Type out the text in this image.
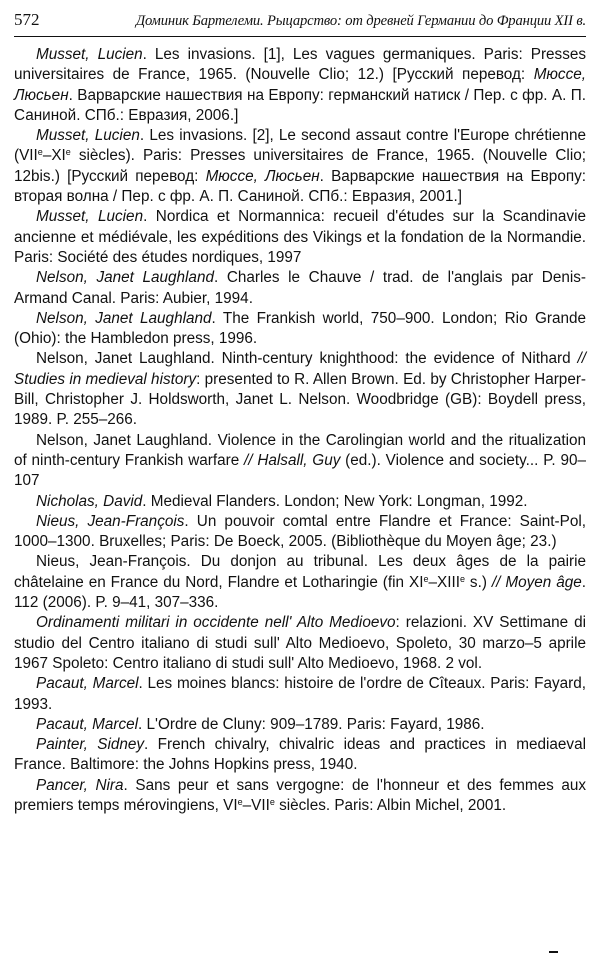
572	Доминик Бартелеми. Рыцарство: от древней Германии до Франции XII в.

Musset, Lucien. Les invasions. [1], Les vagues germaniques. Paris: Presses universitaires de France, 1965. (Nouvelle Clio; 12.) [Русский перевод: Мюссе, Люсьен. Варварские нашествия на Европу: германский натиск / Пер. с фр. А. П. Саниной. СПб.: Евразия, 2006.]

Musset, Lucien. Les invasions. [2], Le second assaut contre l'Europe chrétienne (VIIe–XIe siècles). Paris: Presses universitaires de France, 1965. (Nouvelle Clio; 12bis.) [Русский перевод: Мюссе, Люсьен. Варварские нашествия на Европу: вторая волна / Пер. с фр. А. П. Саниной. СПб.: Евразия, 2001.]

Musset, Lucien. Nordica et Normannica: recueil d'études sur la Scandinavie ancienne et médiévale, les expéditions des Vikings et la fondation de la Normandie. Paris: Société des études nordiques, 1997

Nelson, Janet Laughland. Charles le Chauve / trad. de l'anglais par Denis-Armand Canal. Paris: Aubier, 1994.

Nelson, Janet Laughland. The Frankish world, 750–900. London; Rio Grande (Ohio): the Hambledon press, 1996.

Nelson, Janet Laughland. Ninth-century knighthood: the evidence of Nithard // Studies in medieval history: presented to R. Allen Brown. Ed. by Christopher Harper-Bill, Christopher J. Holdsworth, Janet L. Nelson. Woodbridge (GB): Boydell press, 1989. P. 255–266.

Nelson, Janet Laughland. Violence in the Carolingian world and the ritualization of ninth-century Frankish warfare // Halsall, Guy (ed.). Violence and society... P. 90–107

Nicholas, David. Medieval Flanders. London; New York: Longman, 1992.

Nieus, Jean-François. Un pouvoir comtal entre Flandre et France: Saint-Pol, 1000–1300. Bruxelles; Paris: De Boeck, 2005. (Bibliothèque du Moyen âge; 23.)

Nieus, Jean-François. Du donjon au tribunal. Les deux âges de la pairie châtelaine en France du Nord, Flandre et Lotharingie (fin XIe–XIIIe s.) // Moyen âge. 112 (2006). P. 9–41, 307–336.

Ordinamenti militari in occidente nell' Alto Medioevo: relazioni. XV Settimane di studio del Centro italiano di studi sull' Alto Medioevo, Spoleto, 30 marzo–5 aprile 1967 Spoleto: Centro italiano di studi sull' Alto Medioevo, 1968. 2 vol.

Pacaut, Marcel. Les moines blancs: histoire de l'ordre de Cîteaux. Paris: Fayard, 1993.

Pacaut, Marcel. L'Ordre de Cluny: 909–1789. Paris: Fayard, 1986.

Painter, Sidney. French chivalry, chivalric ideas and practices in mediaeval France. Baltimore: the Johns Hopkins press, 1940.

Pancer, Nira. Sans peur et sans vergogne: de l'honneur et des femmes aux premiers temps mérovingiens, VIe–VIIe siècles. Paris: Albin Michel, 2001.
